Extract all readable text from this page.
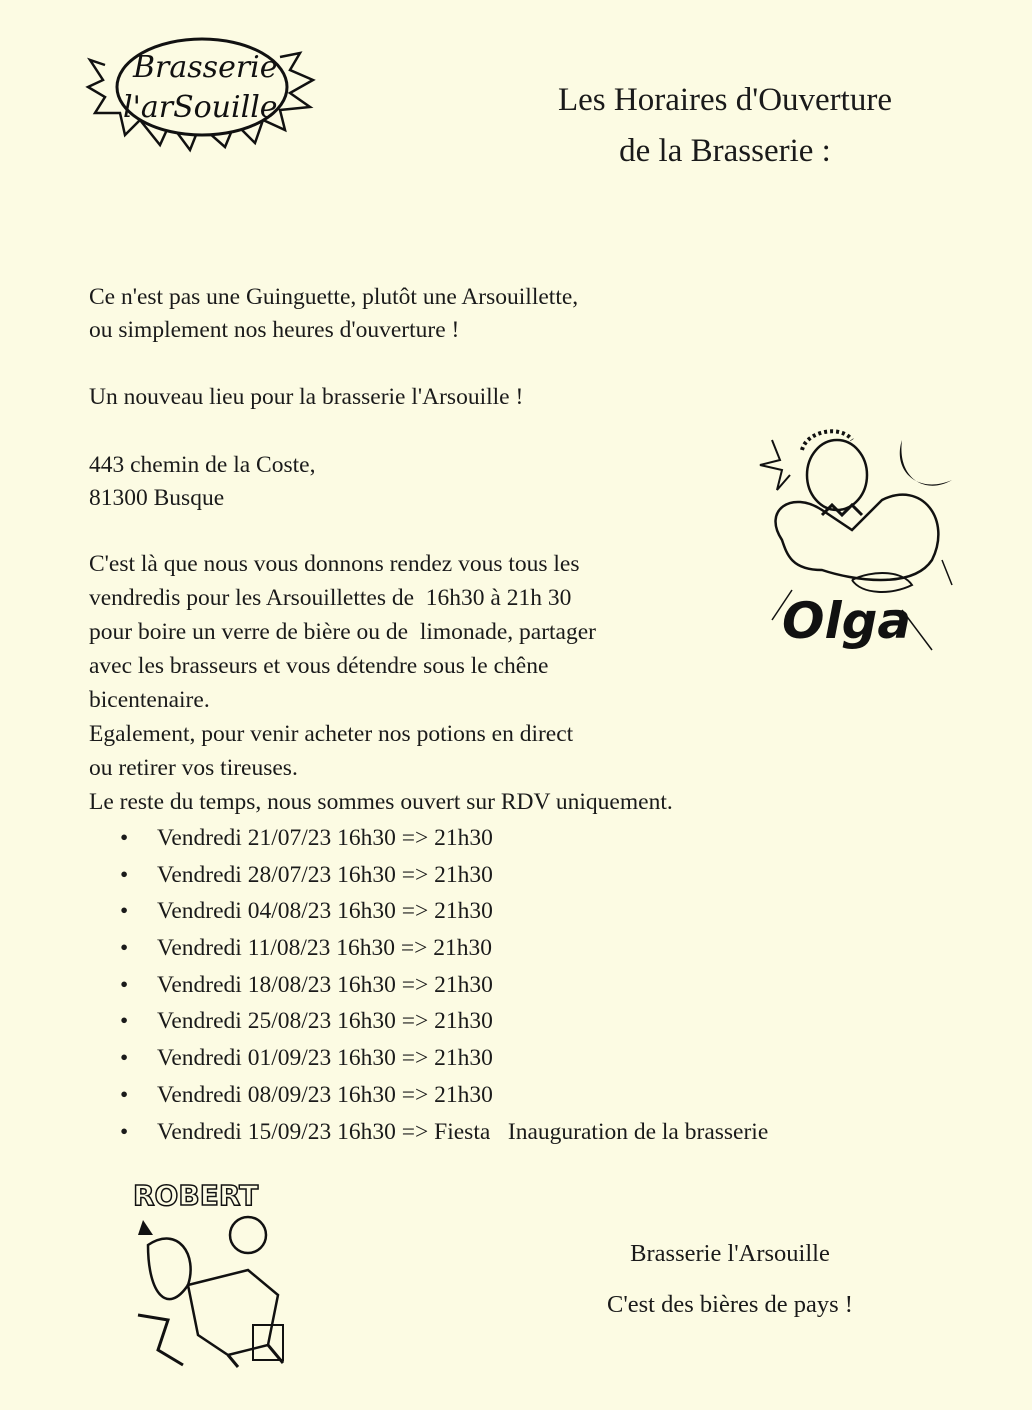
Brasserie
l'arSouille	Les Horaires d'Ouverture
de la Brasserie :
Ce n'est pas une Guinguette, plutôt une Arsouillette,
ou simplement nos heures d'ouverture !
Un nouveau lieu pour la brasserie l'Arsouille !
443 chemin de la Coste,
81300 Busque
C'est là que nous vous donnons rendez vous tous les
vendredis pour les Arsouillettes de  16h30 à 21h 30
pour boire un verre de bière ou de  limonade, partager
avec les brasseurs et vous détendre sous le chêne
bicentenaire.
Egalement, pour venir acheter nos potions en direct
ou retirer vos tireuses.
Le reste du temps, nous sommes ouvert sur RDV uniquement.
• Vendredi 21/07/23 16h30 => 21h30
• Vendredi 28/07/23 16h30 => 21h30
• Vendredi 04/08/23 16h30 => 21h30
• Vendredi 11/08/23 16h30 => 21h30
• Vendredi 18/08/23 16h30 => 21h30
• Vendredi 25/08/23 16h30 => 21h30
• Vendredi 01/09/23 16h30 => 21h30
• Vendredi 08/09/23 16h30 => 21h30
• Vendredi 15/09/23 16h30 => Fiesta   Inauguration de la brasserie
Olga
ROBERT
Brasserie l'Arsouille
C'est des bières de pays !
